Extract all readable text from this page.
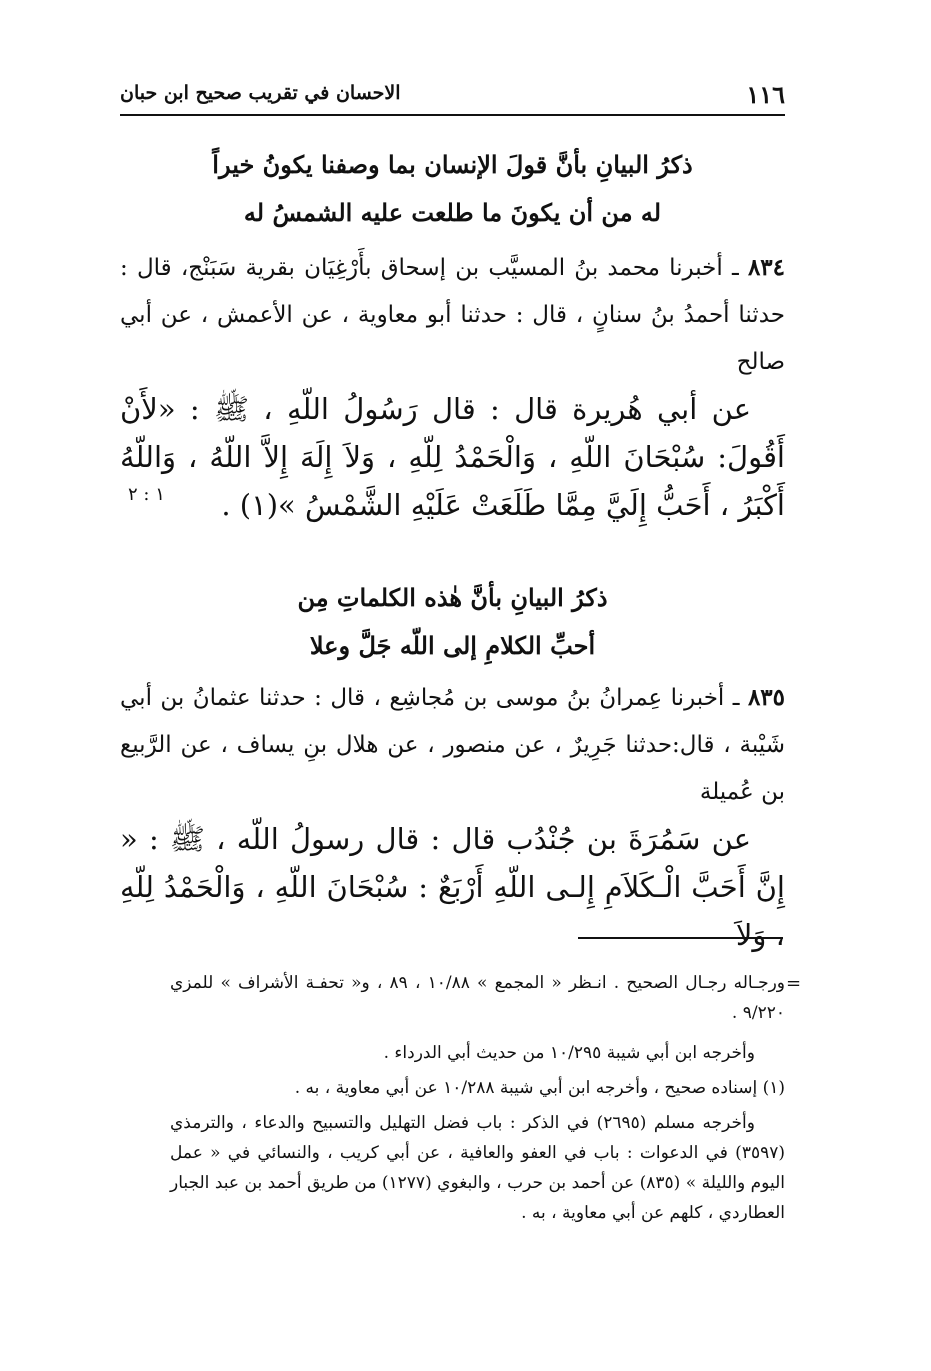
١١٦
الاحسان في تقريب صحيح ابن حبان
ذكرُ البيانِ بأنَّ قولَ الإنسان بما وصفنا يكونُ خيراً
له من أن يكونَ ما طلعت عليه الشمسُ له
٨٣٤ ـ أخبرنا محمد بنُ المسيَّب بن إسحاق بأَرْغِيَان بقرية سَبَنْج، قال : حدثنا أحمدُ بنُ سنانٍ ، قال : حدثنا أبو معاوية ، عن الأعمش ، عن أبي صالح
عن أبي هُريرة قال : قال رَسُولُ اللّهِ ، ﷺ : «لأَنْ أَقُولَ: سُبْحَانَ اللّهِ ، وَالْحَمْدُ لِلّهِ ، وَلاَ إِلَهَ إِلاَّ اللّهُ ، وَاللّهُ أَكْبَرُ ، أَحَبُّ إِلَيَّ مِمَّا طَلَعَتْ عَلَيْهِ الشَّمْسُ »(١) .
١ : ٢
ذكرُ البيانِ بأنَّ هٰذه الكلماتِ مِن
أحبِّ الكلامِ إلى اللّه جَلَّ وعلا
٨٣٥ ـ أخبرنا عِمرانُ بنُ موسى بن مُجاشِع ، قال : حدثنا عثمانُ بن أبي شَيْبة ، قال:حدثنا جَرِيرٌ ، عن منصور ، عن هلال بنِ يساف ، عن الرَّبيع بن عُميلة
عن سَمُرَةَ بن جُنْدُب قال : قال رسولُ اللّه ، ﷺ : « إِنَّ أَحَبَّ الْـكَلاَمِ إِلـى اللّهِ أَرْبَعٌ : سُبْحَانَ اللّهِ ، وَالْحَمْدُ لِلّهِ ، وَلاَ
=
ورجـاله رجـال الصحيح . انـظر « المجمع » ١٠/٨٨ ، ٨٩ ، و« تحفـة الأشراف » للمزي ٩/٢٢٠ .
وأخرجه ابن أبي شيبة ١٠/٢٩٥ من حديث أبي الدرداء .
(١) إسناده صحيح ، وأخرجه ابن أبي شيبة ١٠/٢٨٨ عن أبي معاوية ، به .
وأخرجه مسلم (٢٦٩٥) في الذكر : باب فضل التهليل والتسبيح والدعاء ، والترمذي (٣٥٩٧) في الدعوات : باب في العفو والعافية ، عن أبي كريب ، والنسائي في « عمل اليوم والليلة » (٨٣٥) عن أحمد بن حرب ، والبغوي (١٢٧٧) من طريق أحمد بن عبد الجبار العطاردي ، كلهم عن أبي معاوية ، به .
